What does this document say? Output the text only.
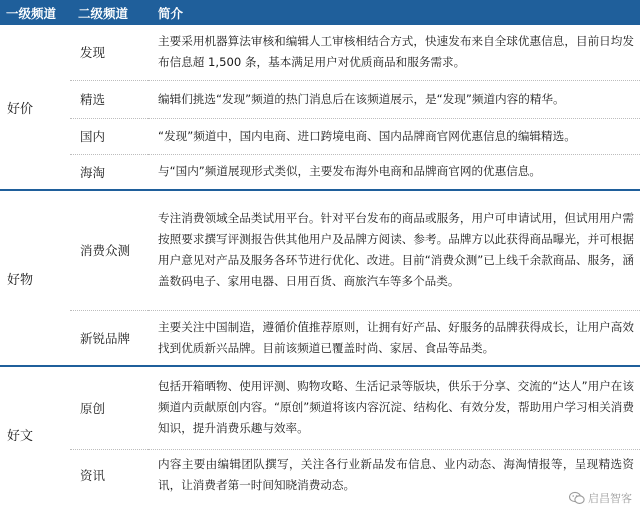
一级频道	二级频道	简介
好价	发现	主要采用机器算法审核和编辑人工审核相结合方式，快速发布来自全球优惠信息，目前日均发布信息超 1,500 条，基本满足用户对优质商品和服务需求。
	精选	编辑们挑选“发现”频道的热门消息后在该频道展示，是“发现”频道内容的精华。
	国内	“发现”频道中，国内电商、进口跨境电商、国内品牌商官网优惠信息的编辑精选。
	海淘	与“国内”频道展现形式类似，主要发布海外电商和品牌商官网的优惠信息。
好物	消费众测	专注消费领域全品类试用平台。针对平台发布的商品或服务，用户可申请试用，但试用用户需按照要求撰写评测报告供其他用户及品牌方阅读、参考。品牌方以此获得商品曝光，并可根据用户意见对产品及服务各环节进行优化、改进。目前“消费众测”已上线千余款商品、服务，涵盖数码电子、家用电器、日用百货、商旅汽车等多个品类。
	新锐品牌	主要关注中国制造，遵循价值推荐原则，让拥有好产品、好服务的品牌获得成长，让用户高效找到优质新兴品牌。目前该频道已覆盖时尚、家居、食品等品类。
好文	原创	包括开箱晒物、使用评测、购物攻略、生活记录等版块，供乐于分享、交流的“达人”用户在该频道内贡献原创内容。“原创”频道将该内容沉淀、结构化、有效分发，帮助用户学习相关消费知识，提升消费乐趣与效率。
	资讯	内容主要由编辑团队撰写，关注各行业新品发布信息、业内动态、海淘情报等，呈现精选资讯，让消费者第一时间知晓消费动态。
启昌智客
